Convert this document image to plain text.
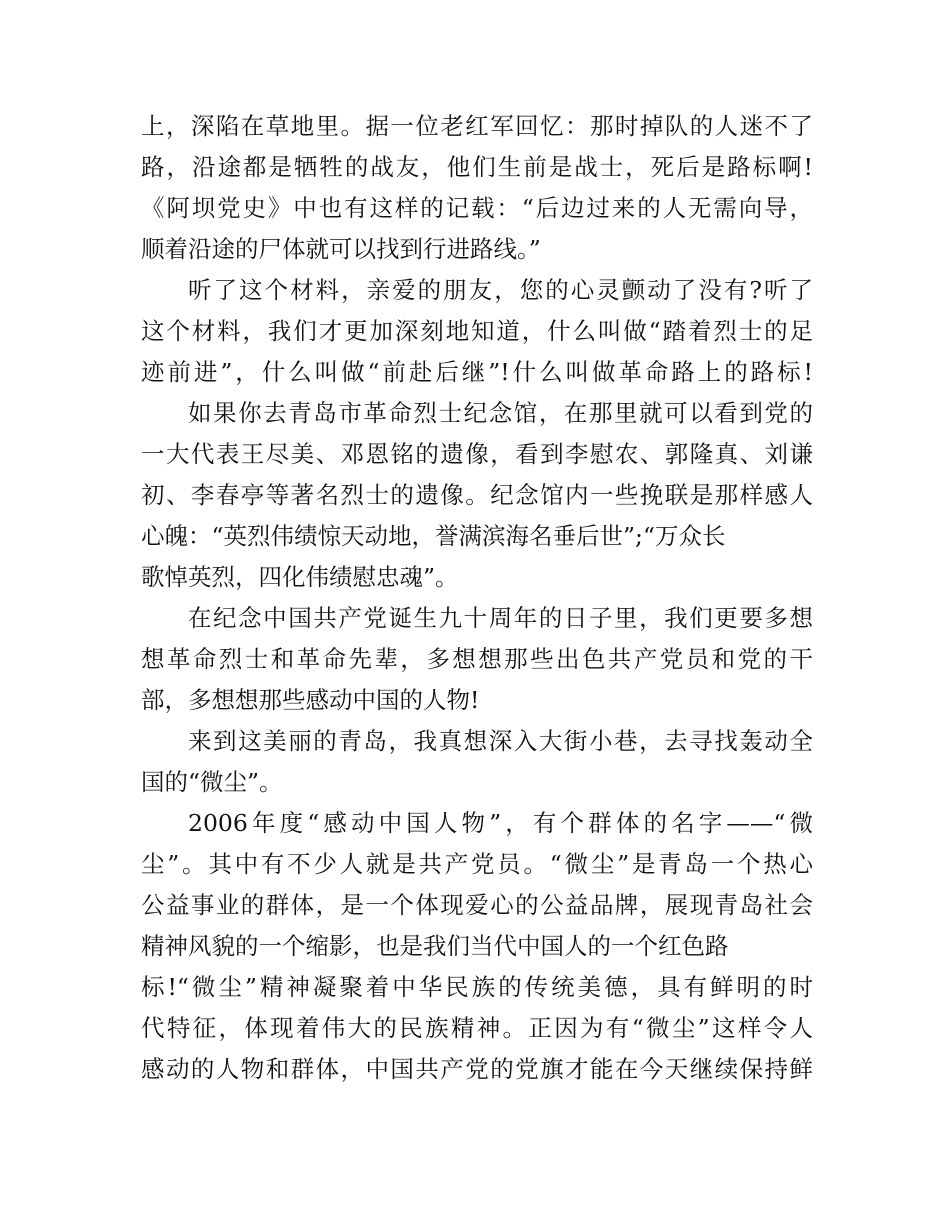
上，深陷在草地里。据一位老红军回忆：那时掉队的人迷不了
路，沿途都是牺牲的战友，他们生前是战士，死后是路标啊!
《阿坝党史》中也有这样的记载：“后边过来的人无需向导，
顺着沿途的尸体就可以找到行进路线。”
听了这个材料，亲爱的朋友，您的心灵颤动了没有?听了
这个材料，我们才更加深刻地知道，什么叫做“踏着烈士的足
迹前进”，什么叫做“前赴后继”!什么叫做革命路上的路标!
如果你去青岛市革命烈士纪念馆，在那里就可以看到党的
一大代表王尽美、邓恩铭的遗像，看到李慰农、郭隆真、刘谦
初、李春亭等著名烈士的遗像。纪念馆内一些挽联是那样感人
心魄：“英烈伟绩惊天动地，誉满滨海名垂后世”;“万众长
歌悼英烈，四化伟绩慰忠魂”。
在纪念中国共产党诞生九十周年的日子里，我们更要多想
想革命烈士和革命先辈，多想想那些出色共产党员和党的干
部，多想想那些感动中国的人物!
来到这美丽的青岛，我真想深入大街小巷，去寻找轰动全
国的“微尘”。
2006年度“感动中国人物”，有个群体的名字——“微
尘”。其中有不少人就是共产党员。“微尘”是青岛一个热心
公益事业的群体，是一个体现爱心的公益品牌，展现青岛社会
精神风貌的一个缩影，也是我们当代中国人的一个红色路
标!“微尘”精神凝聚着中华民族的传统美德，具有鲜明的时
代特征，体现着伟大的民族精神。正因为有“微尘”这样令人
感动的人物和群体，中国共产党的党旗才能在今天继续保持鲜
